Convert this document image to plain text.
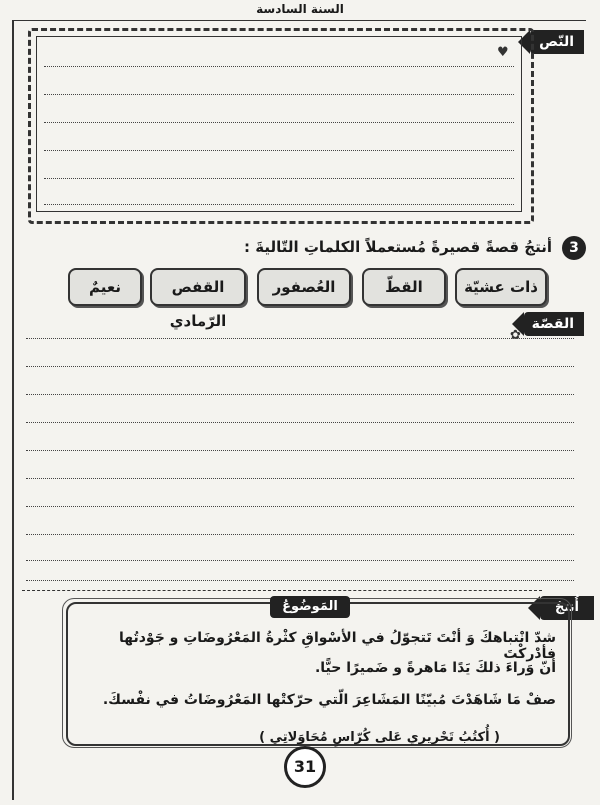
السنة السادسة
النّص
♥
3
أنتجُ قصةً قصيرةً مُستعملاً الكلماتِ التّاليةَ :
ذات عشيّة
القطّ
العُصفور
القفص الرّمادي
نعيمٌ
القصّة
✿
أُنتجُ
المَوضُوعُ
شدّ انْتباهكَ وَ أنْتَ تَتجوّلُ في الأسْواقِ كثْرةُ المَعْرُوضَاتِ و جَوْدتُها فأدْركْتَ
أنّ وَراءَ ذلكَ يَدًا مَاهرةً و ضَميرًا حيًّا.
صفْ مَا شَاهَدْتَ مُبيّنًا المَشَاعِرَ الّتي حرّكتْها المَعْرُوضَاتُ في نفْسكَ.
( أُكتُبُ تَحْريري عَلى كُرّاسِ مُحَاوَلاتِي )
31
